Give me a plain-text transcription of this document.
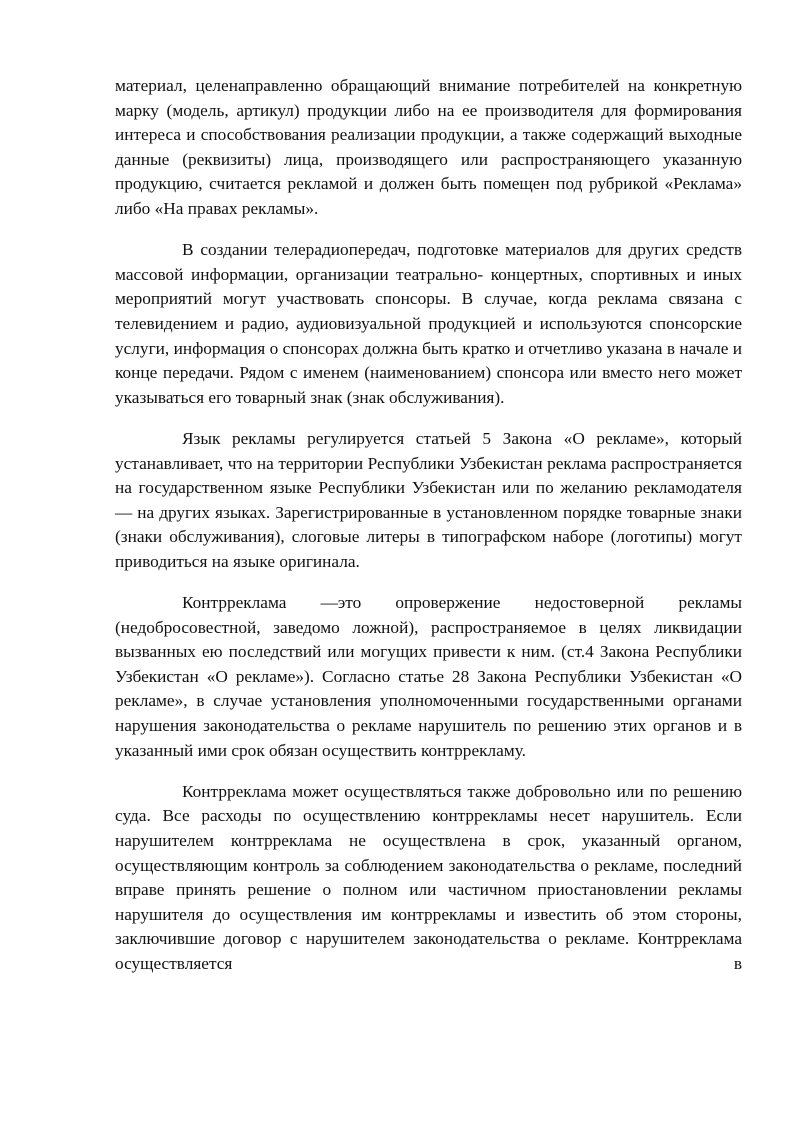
материал, целенаправленно обращающий внимание потребителей на конкретную марку (модель, артикул) продукции либо на ее производителя для формирования интереса и способствования реализации продукции, а также содержащий выходные данные (реквизиты) лица, производящего или распространяющего указанную продукцию, считается рекламой и должен быть помещен под рубрикой «Реклама» либо «На правах рекламы».

В создании телерадиопередач, подготовке материалов для других средств массовой информации, организации театрально- концертных, спортивных и иных мероприятий могут участвовать спонсоры. В случае, когда реклама связана с телевидением и радио, аудиовизуальной продукцией и используются спонсорские услуги, информация о спонсорах должна быть кратко и отчетливо указана в начале и конце передачи. Рядом с именем (наименованием) спонсора или вместо него может указываться его товарный знак (знак обслуживания).

Язык рекламы регулируется статьей 5 Закона «О рекламе», который устанавливает, что на территории Республики Узбекистан реклама распространяется на государственном языке Республики Узбекистан или по желанию рекламодателя — на других языках. Зарегистрированные в установленном порядке товарные знаки (знаки обслуживания), слоговые литеры в типографском наборе (логотипы) могут приводиться на языке оригинала.

Контрреклама —это опровержение недостоверной рекламы (недобросовестной, заведомо ложной), распространяемое в целях ликвидации вызванных ею последствий или могущих привести к ним. (ст.4 Закона Республики Узбекистан «О рекламе»). Согласно статье 28 Закона Республики Узбекистан «О рекламе», в случае установления уполномоченными государственными органами нарушения законодательства о рекламе нарушитель по решению этих органов и в указанный ими срок обязан осуществить контррекламу.

Контрреклама может осуществляться также добровольно или по решению суда. Все расходы по осуществлению контррекламы несет нарушитель. Если нарушителем контрреклама не осуществлена в срок, указанный органом, осуществляющим контроль за соблюдением законодательства о рекламе, последний вправе принять решение о полном или частичном приостановлении рекламы нарушителя до осуществления им контррекламы и известить об этом стороны, заключившие договор с нарушителем законодательства о рекламе. Контрреклама осуществляется в
